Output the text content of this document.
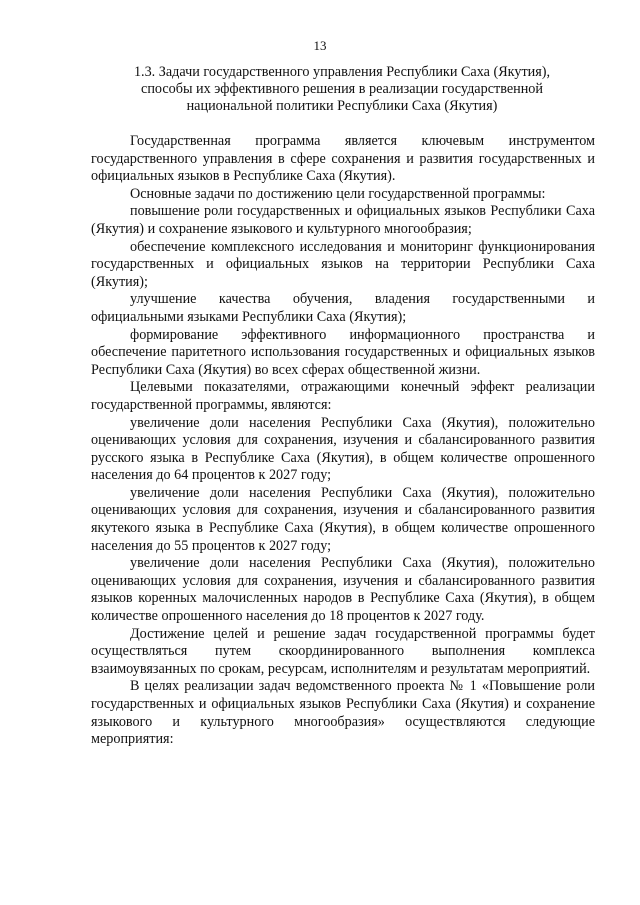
13
1.3. Задачи государственного управления Республики Саха (Якутия),
способы их эффективного решения в реализации государственной
национальной политики Республики Саха (Якутия)

Государственная программа является ключевым инструментом государственного управления в сфере сохранения и развития государственных и официальных языков в Республике Саха (Якутия).

Основные задачи по достижению цели государственной программы:

повышение роли государственных и официальных языков Республики Саха (Якутия) и сохранение языкового и культурного многообразия;

обеспечение комплексного исследования и мониторинг функционирования государственных и официальных языков на территории Республики Саха (Якутия);

улучшение качества обучения, владения государственными и официальными языками Республики Саха (Якутия);

формирование эффективного информационного пространства и обеспечение паритетного использования государственных и официальных языков Республики Саха (Якутия) во всех сферах общественной жизни.

Целевыми показателями, отражающими конечный эффект реализации государственной программы, являются:

увеличение доли населения Республики Саха (Якутия), положительно оценивающих условия для сохранения, изучения и сбалансированного развития русского языка в Республике Саха (Якутия), в общем количестве опрошенного населения до 64 процентов к 2027 году;

увеличение доли населения Республики Саха (Якутия), положительно оценивающих условия для сохранения, изучения и сбалансированного развития якутекого языка в Республике Саха (Якутия), в общем количестве опрошенного населения до 55 процентов к 2027 году;

увеличение доли населения Республики Саха (Якутия), положительно оценивающих условия для сохранения, изучения и сбалансированного развития языков коренных малочисленных народов в Республике Саха (Якутия), в общем количестве опрошенного населения до 18 процентов к 2027 году.

Достижение целей и решение задач государственной программы будет осуществляться путем скоординированного выполнения комплекса взаимоувязанных по срокам, ресурсам, исполнителям и результатам мероприятий.

В целях реализации задач ведомственного проекта № 1 «Повышение роли государственных и официальных языков Республики Саха (Якутия) и сохранение языкового и культурного многообразия» осуществляются следующие мероприятия:
